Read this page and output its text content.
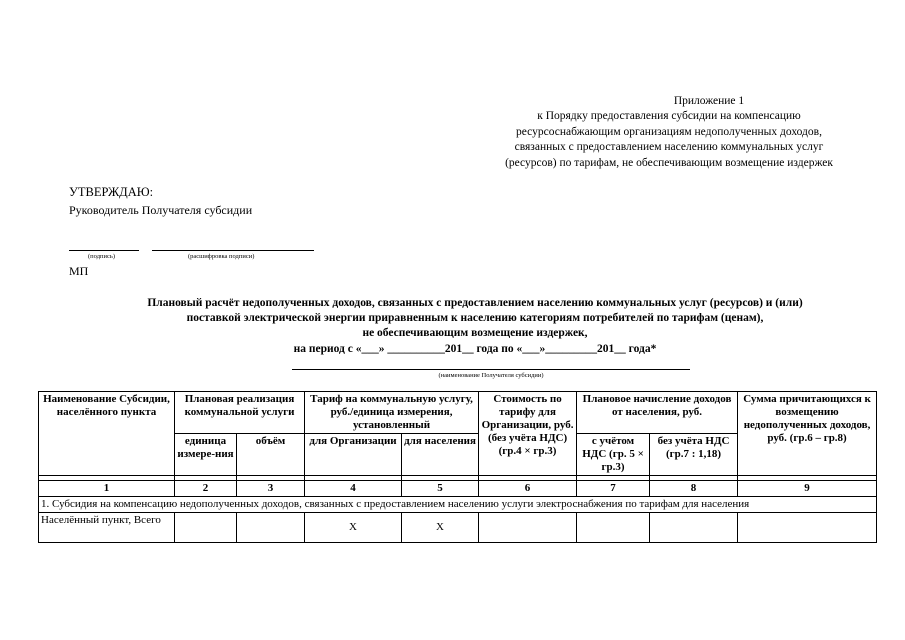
Приложение 1
к Порядку предоставления субсидии на компенсацию
ресурсоснабжающим организациям недополученных доходов,
связанных с предоставлением населению коммунальных услуг
(ресурсов) по тарифам, не обеспечивающим возмещение издержек
УТВЕРЖДАЮ:
Руководитель Получателя субсидии
(подпись)	(расшифровка подписи)
МП
Плановый расчёт недополученных доходов, связанных с предоставлением населению коммунальных услуг (ресурсов) и (или)
поставкой электрической энергии приравненным к населению категориям потребителей по тарифам (ценам),
не обеспечивающим возмещение издержек,
на период с «___» __________201__ года по «___»_________201__ года*
(наименование Получателя субсидии)
Наименование Субсидии, населённого пункта	Плановая реализация коммунальной услуги		Тариф на коммунальную услугу, руб./единица измерения, установленный		Стоимость по тарифу для Организации, руб. (без учёта НДС) (гр.4 × гр.3)	Плановое начисление доходов от населения, руб.		Сумма причитающихся к возмещению недополученных доходов, руб. (гр.6 – гр.8)
	единица измере-ния	объём	для Организации	для населения		с учётом НДС (гр. 5 × гр.3)	без учёта НДС (гр.7 : 1,18)	

1	2	3	4	5	6	7	8	9
1. Субсидия на компенсацию недополученных доходов, связанных с предоставлением населению услуги электроснабжения по тарифам для населения								
Населённый пункт, Всего			Х	Х				
